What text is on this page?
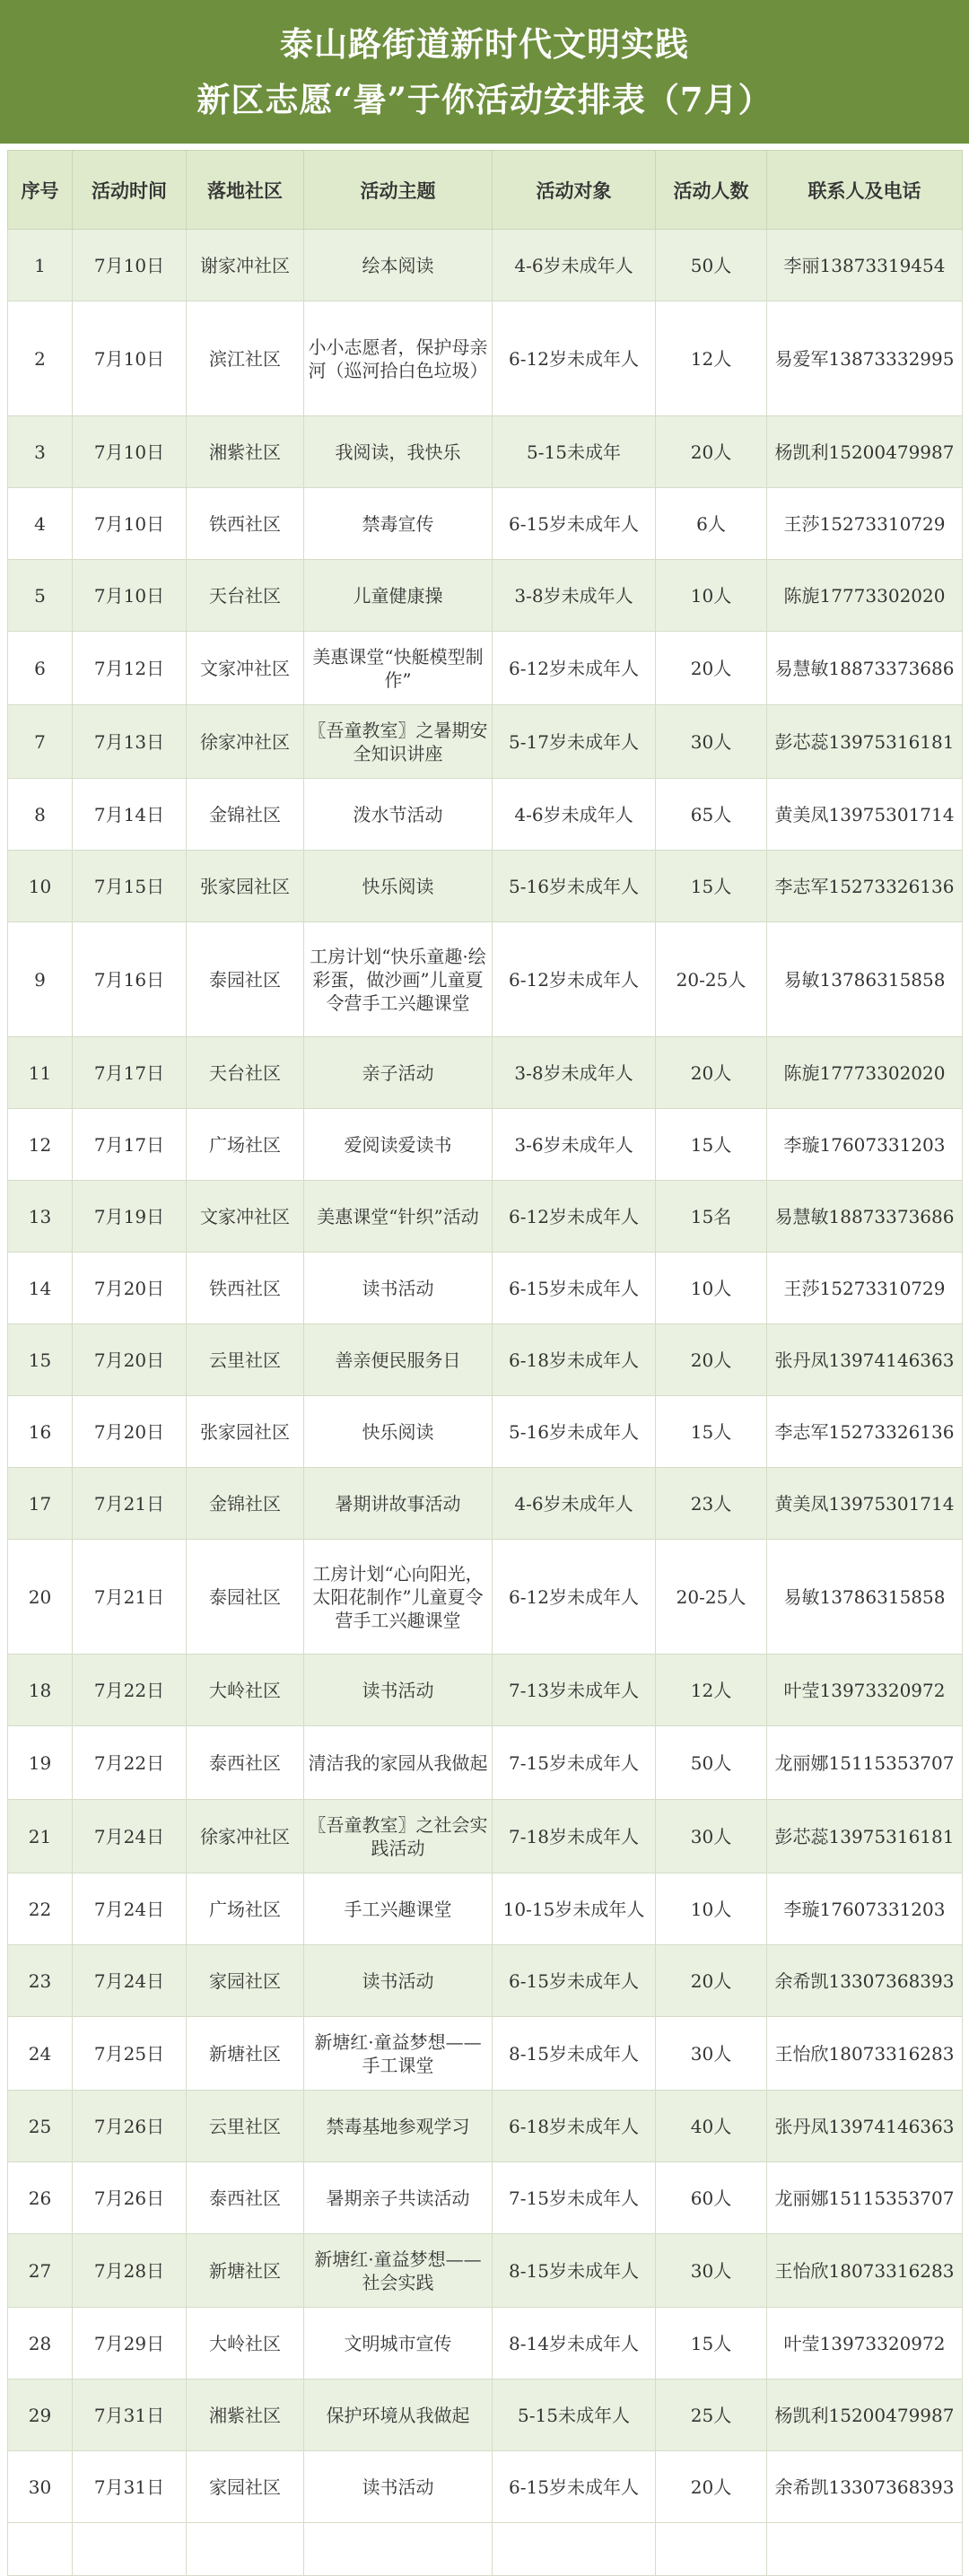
泰山路街道新时代文明实践
新区志愿“暑”于你活动安排表（7月）
序号	活动时间	落地社区	活动主题	活动对象	活动人数	联系人及电话
1	7月10日	谢家冲社区	绘本阅读	4-6岁未成年人	50人	李丽13873319454
2	7月10日	滨江社区	小小志愿者，保护母亲河（巡河拾白色垃圾）	6-12岁未成年人	12人	易爱军13873332995
3	7月10日	湘紫社区	我阅读，我快乐	5-15未成年	20人	杨凯利15200479987
4	7月10日	铁西社区	禁毒宣传	6-15岁未成年人	6人	王莎15273310729
5	7月10日	天台社区	儿童健康操	3-8岁未成年人	10人	陈旎17773302020
6	7月12日	文家冲社区	美惠课堂“快艇模型制作”	6-12岁未成年人	20人	易慧敏18873373686
7	7月13日	徐家冲社区	〖吾童教室〗之暑期安全知识讲座	5-17岁未成年人	30人	彭芯蕊13975316181
8	7月14日	金锦社区	泼水节活动	4-6岁未成年人	65人	黄美凤13975301714
10	7月15日	张家园社区	快乐阅读	5-16岁未成年人	15人	李志军15273326136
9	7月16日	泰园社区	工房计划“快乐童趣·绘彩蛋，做沙画”儿童夏令营手工兴趣课堂	6-12岁未成年人	20-25人	易敏13786315858
11	7月17日	天台社区	亲子活动	3-8岁未成年人	20人	陈旎17773302020
12	7月17日	广场社区	爱阅读爱读书	3-6岁未成年人	15人	李璇17607331203
13	7月19日	文家冲社区	美惠课堂“针织”活动	6-12岁未成年人	15名	易慧敏18873373686
14	7月20日	铁西社区	读书活动	6-15岁未成年人	10人	王莎15273310729
15	7月20日	云里社区	善亲便民服务日	6-18岁未成年人	20人	张丹凤13974146363
16	7月20日	张家园社区	快乐阅读	5-16岁未成年人	15人	李志军15273326136
17	7月21日	金锦社区	暑期讲故事活动	4-6岁未成年人	23人	黄美凤13975301714
20	7月21日	泰园社区	工房计划“心向阳光，太阳花制作”儿童夏令营手工兴趣课堂	6-12岁未成年人	20-25人	易敏13786315858
18	7月22日	大岭社区	读书活动	7-13岁未成年人	12人	叶莹13973320972
19	7月22日	泰西社区	清洁我的家园从我做起	7-15岁未成年人	50人	龙丽娜15115353707
21	7月24日	徐家冲社区	〖吾童教室〗之社会实践活动	7-18岁未成年人	30人	彭芯蕊13975316181
22	7月24日	广场社区	手工兴趣课堂	10-15岁未成年人	10人	李璇17607331203
23	7月24日	家园社区	读书活动	6-15岁未成年人	20人	余希凯13307368393
24	7月25日	新塘社区	新塘红·童益梦想——手工课堂	8-15岁未成年人	30人	王怡欣18073316283
25	7月26日	云里社区	禁毒基地参观学习	6-18岁未成年人	40人	张丹凤13974146363
26	7月26日	泰西社区	暑期亲子共读活动	7-15岁未成年人	60人	龙丽娜15115353707
27	7月28日	新塘社区	新塘红·童益梦想——社会实践	8-15岁未成年人	30人	王怡欣18073316283
28	7月29日	大岭社区	文明城市宣传	8-14岁未成年人	15人	叶莹13973320972
29	7月31日	湘紫社区	保护环境从我做起	5-15未成年人	25人	杨凯利15200479987
30	7月31日	家园社区	读书活动	6-15岁未成年人	20人	余希凯13307368393
